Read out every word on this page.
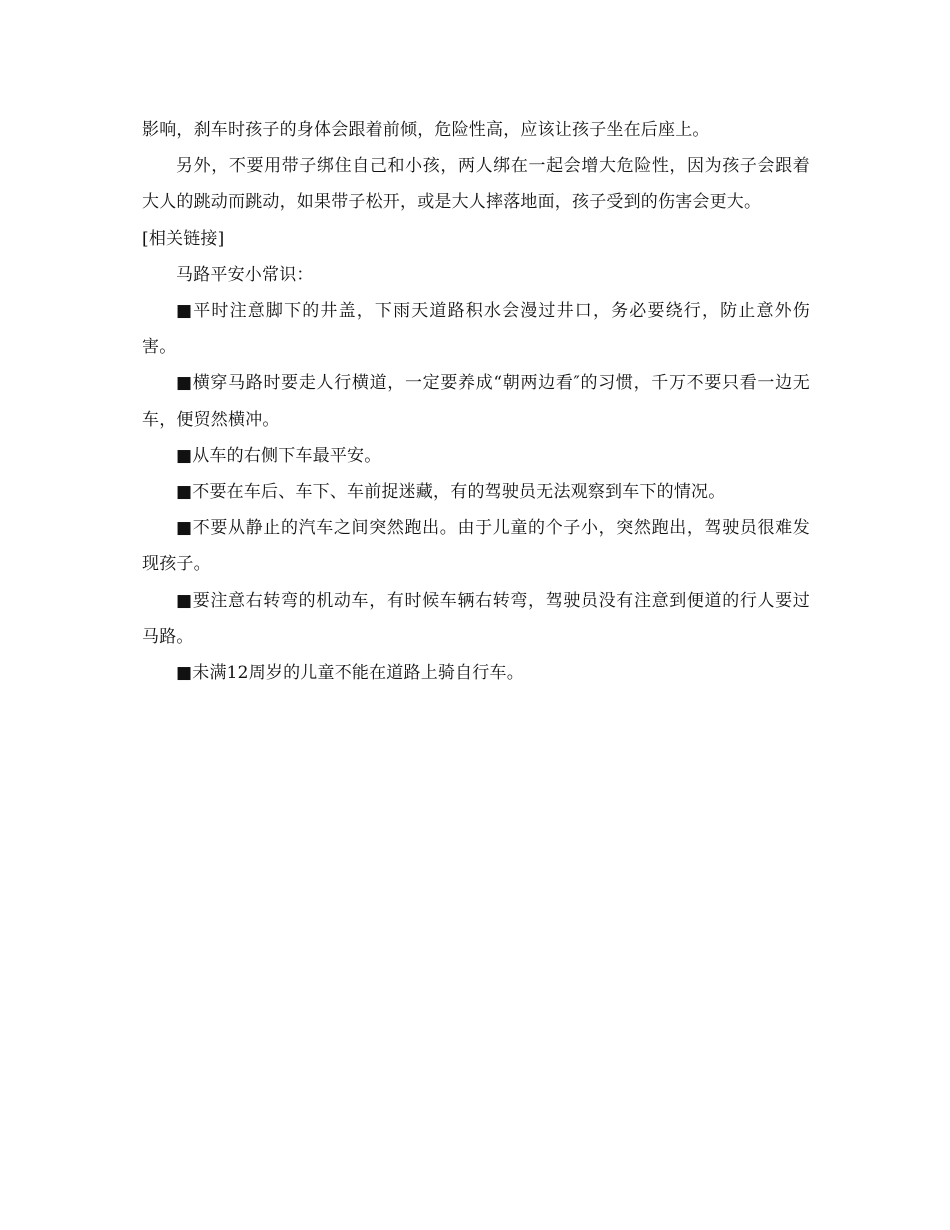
影响，刹车时孩子的身体会跟着前倾，危险性高，应该让孩子坐在后座上。

另外，不要用带子绑住自己和小孩，两人绑在一起会增大危险性，因为孩子会跟着大人的跳动而跳动，如果带子松开，或是大人摔落地面，孩子受到的伤害会更大。

[相关链接]

马路平安小常识：

■平时注意脚下的井盖，下雨天道路积水会漫过井口，务必要绕行，防止意外伤害。

■横穿马路时要走人行横道，一定要养成“朝两边看″的习惯，千万不要只看一边无车，便贸然横冲。

■从车的右侧下车最平安。

■不要在车后、车下、车前捉迷藏，有的驾驶员无法观察到车下的情况。

■不要从静止的汽车之间突然跑出。由于儿童的个子小，突然跑出，驾驶员很难发现孩子。

■要注意右转弯的机动车，有时候车辆右转弯，驾驶员没有注意到便道的行人要过马路。

■未满12周岁的儿童不能在道路上骑自行车。
